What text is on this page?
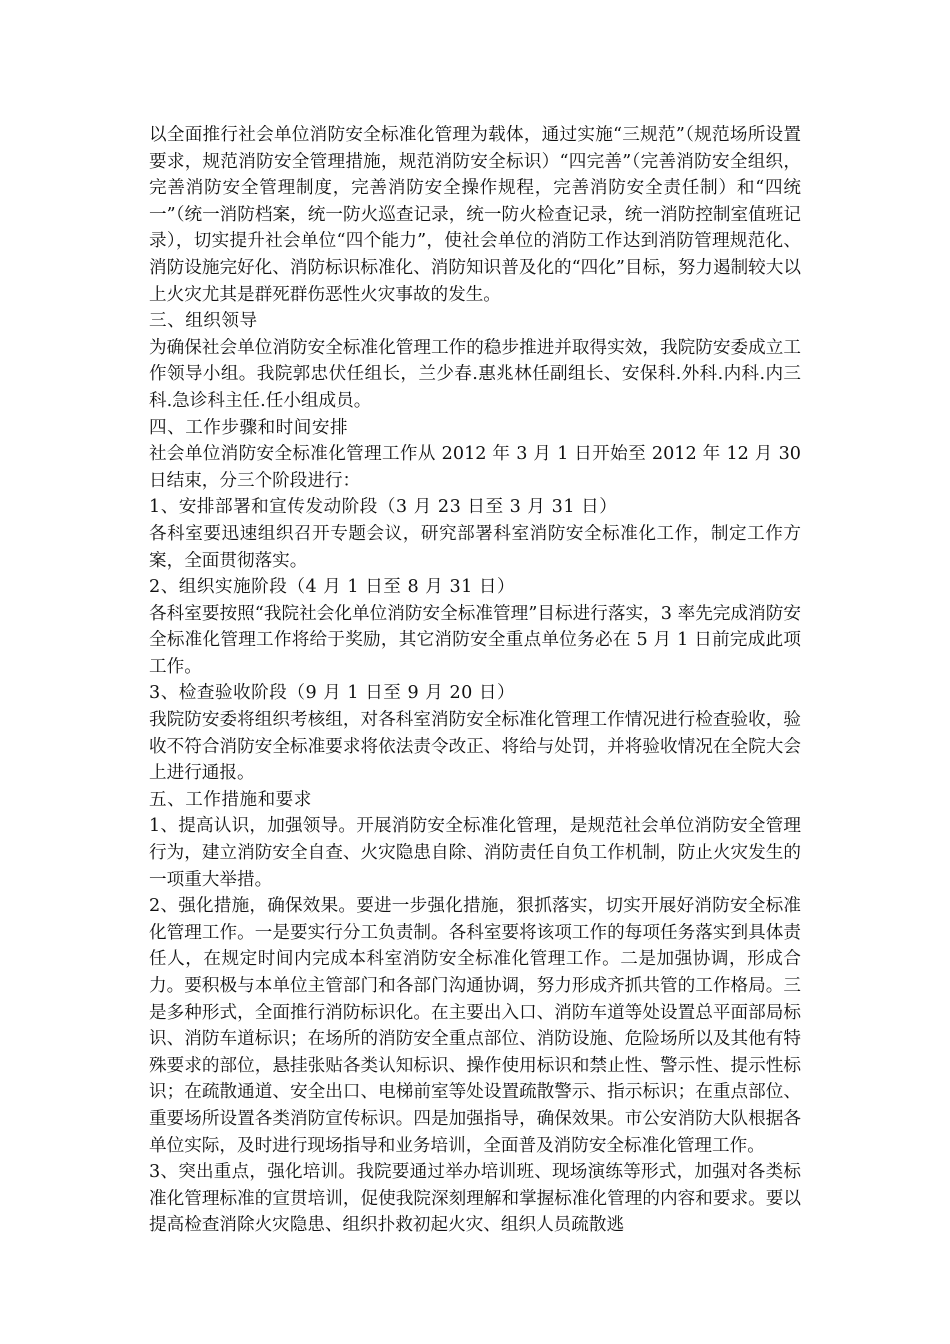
以全面推行社会单位消防安全标准化管理为载体，通过实施“三规范”（规范场所设置要求，规范消防安全管理措施，规范消防安全标识）“四完善”（完善消防安全组织，完善消防安全管理制度，完善消防安全操作规程，完善消防安全责任制）和“四统一”（统一消防档案，统一防火巡查记录，统一防火检查记录，统一消防控制室值班记录），切实提升社会单位“四个能力”，使社会单位的消防工作达到消防管理规范化、消防设施完好化、消防标识标准化、消防知识普及化的“四化”目标，努力遏制较大以上火灾尤其是群死群伤恶性火灾事故的发生。

三、组织领导

为确保社会单位消防安全标准化管理工作的稳步推进并取得实效，我院防安委成立工作领导小组。我院郭忠伏任组长，兰少春.惠兆林任副组长、安保科.外科.内科.内三科.急诊科主任.任小组成员。

四、工作步骤和时间安排

社会单位消防安全标准化管理工作从 2012 年 3 月 1 日开始至 2012 年 12 月 30 日结束，分三个阶段进行：

1、安排部署和宣传发动阶段（3 月 23 日至 3 月 31 日）

各科室要迅速组织召开专题会议，研究部署科室消防安全标准化工作，制定工作方案，全面贯彻落实。

2、组织实施阶段（4 月 1 日至 8 月 31 日）

各科室要按照“我院社会化单位消防安全标准管理”目标进行落实，3 率先完成消防安全标准化管理工作将给于奖励，其它消防安全重点单位务必在 5 月 1 日前完成此项工作。

3、检查验收阶段（9 月 1 日至 9 月 20 日）

我院防安委将组织考核组，对各科室消防安全标准化管理工作情况进行检查验收，验收不符合消防安全标准要求将依法责令改正、将给与处罚，并将验收情况在全院大会上进行通报。

五、工作措施和要求

1、提高认识，加强领导。开展消防安全标准化管理，是规范社会单位消防安全管理行为，建立消防安全自查、火灾隐患自除、消防责任自负工作机制，防止火灾发生的一项重大举措。

2、强化措施，确保效果。要进一步强化措施，狠抓落实，切实开展好消防安全标准化管理工作。一是要实行分工负责制。各科室要将该项工作的每项任务落实到具体责任人，在规定时间内完成本科室消防安全标准化管理工作。二是加强协调，形成合力。要积极与本单位主管部门和各部门沟通协调，努力形成齐抓共管的工作格局。三是多种形式，全面推行消防标识化。在主要出入口、消防车道等处设置总平面部局标识、消防车道标识；在场所的消防安全重点部位、消防设施、危险场所以及其他有特殊要求的部位，悬挂张贴各类认知标识、操作使用标识和禁止性、警示性、提示性标识；在疏散通道、安全出口、电梯前室等处设置疏散警示、指示标识；在重点部位、重要场所设置各类消防宣传标识。四是加强指导，确保效果。市公安消防大队根据各单位实际，及时进行现场指导和业务培训，全面普及消防安全标准化管理工作。

3、突出重点，强化培训。我院要通过举办培训班、现场演练等形式，加强对各类标准化管理标准的宣贯培训，促使我院深刻理解和掌握标准化管理的内容和要求。要以提高检查消除火灾隐患、组织扑救初起火灾、组织人员疏散逃
